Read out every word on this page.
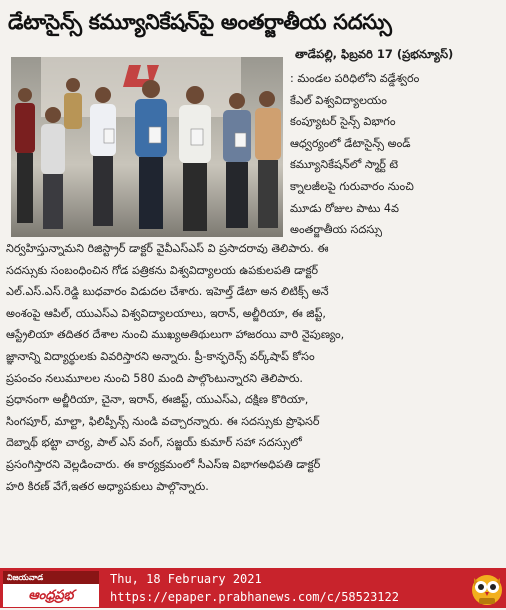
డేటాసైన్స్ కమ్యూనికేషన్‌పై అంతర్జాతీయ సదస్సు
తాడేపల్లి, ఫిబ్రవరి 17 (ప్రభన్యూస్)
: మండల పరిధిలోని వడ్డేశ్వరం
కేఎల్ విశ్వవిద్యాలయం
కంప్యూటర్ సైన్స్ విభాగం
ఆధ్వర్యంలో డేటాసైన్స్ అండ్
కమ్యూనికేషన్‌లో స్మార్ట్ టె
క్నాలజీలపై గురువారం నుంచి
మూడు రోజుల పాటు 4వ
అంతర్జాతీయ సదస్సు
నిర్వహిస్తున్నామని రిజిస్ట్రార్ డాక్టర్ వైవీఎస్ఎస్ వి ప్రసాదరావు తెలిపారు. ఈ
సదస్సుకు సంబంధించిన గోడ పత్రికను విశ్వవిద్యాలయ ఉపకులపతి డాక్టర్
ఎల్.ఎస్.ఎస్.రెడ్డి బుధవారం విడుదల చేశారు. ఇహెల్త్ డేటా అన లిటిక్స్ అనే
అంశంపై ఆపిల్, యుఎస్ఎ విశ్వవిద్యాలయాలు, ఇరాన్, అల్జీరియా, ఈ జిప్ట్,
ఆస్ట్రేలియా తదితర దేశాల నుంచి ముఖ్యఅతిథులుగా హాజరయి వారి నైపుణ్యం,
జ్ఞానాన్ని విద్యార్థులకు వివరిస్తారని అన్నారు. ప్రీ-కాన్ఫరెన్స్ వర్క్‌షాప్ కోసం
ప్రపంచం నలుమూలల నుంచి 580 మంది పాల్గొంటున్నారని తెలిపారు.
ప్రధానంగా అల్జీరియా, చైనా, ఇరాన్, ఈజిప్ట్, యుఎస్ఎ, దక్షిణ కొరియా,
సింగపూర్, మాల్టా, ఫిలిప్పీన్స్ నుండి వచ్చారన్నారు. ఈ సదస్సుకు ప్రొఫెసర్
దెబ్నాథ్ భట్టా చార్య, పాల్ ఎస్ వంగ్, సజ్జయ్ కుమార్ సహా సదస్సులో
ప్రసంగిస్తారని వెల్లడించారు. ఈ కార్యక్రమంలో సీఎస్ఇ విభాగఅధిపతి డాక్టర్
హరి కిరణ్ వేగే,ఇతర అధ్యాపకులు పాల్గొన్నారు.
విజయవాడ
ఆంధ్రప్రభ
Thu, 18 February 2021
https://epaper.prabhanews.com/c/58523122
